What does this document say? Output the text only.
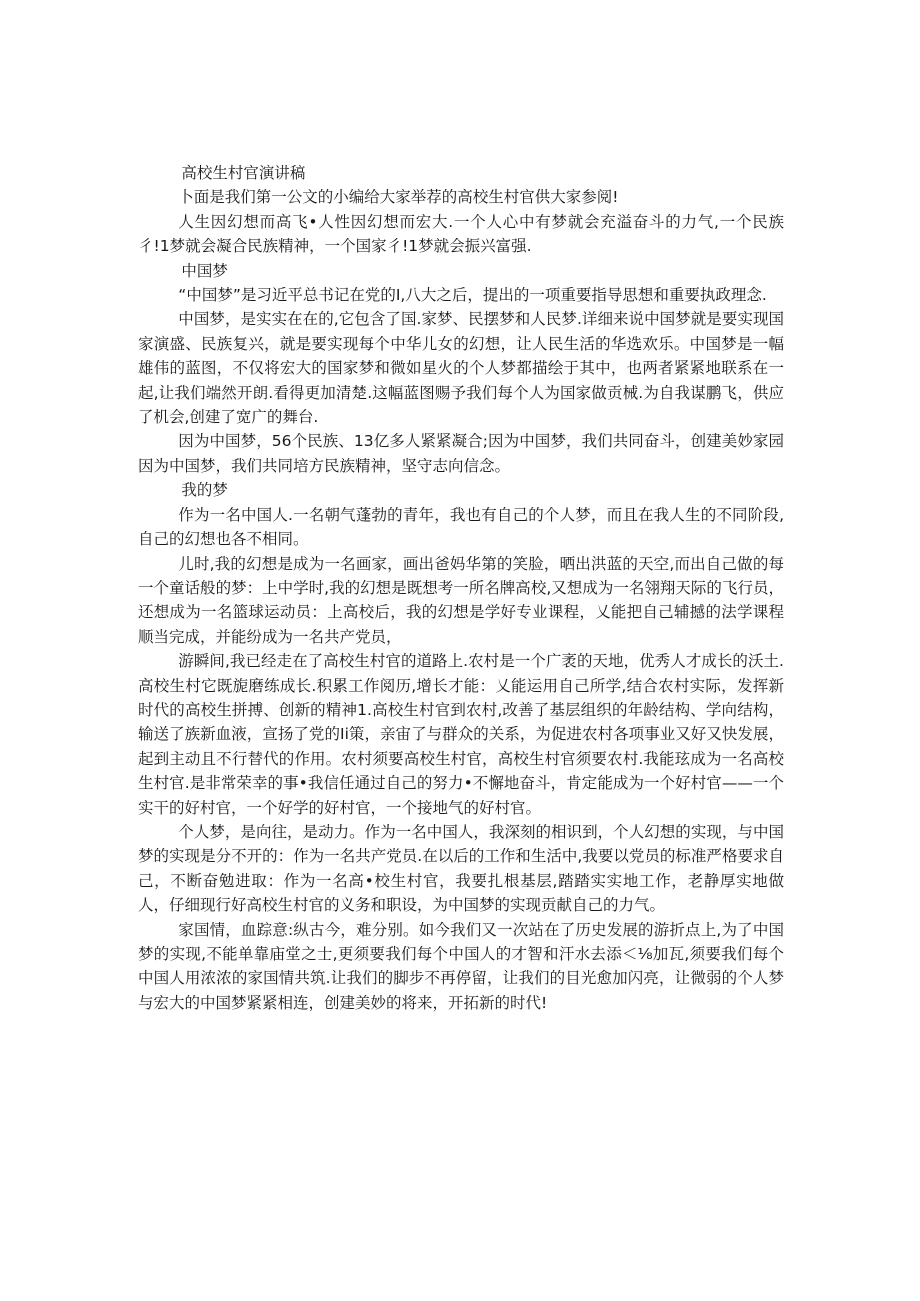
高校生村官演讲稿

卜面是我们第一公文的小编给大家举荐的高校生村官供大家参阅!

人生因幻想而高飞•人性因幻想而宏大.一个人心中有梦就会充溢奋斗的力气,一个民族彳!1梦就会凝合民族精神，一个国家彳!1梦就会振兴富强.

中国梦

“中国梦”是习近平总书记在党的I,八大之后，提出的一项重要指导思想和重要执政理念.

中国梦，是实实在在的,它包含了国.家梦、民摆梦和人民梦.详细来说中国梦就是要实现国家演盛、民族复兴，就是要实现每个中华儿女的幻想，让人民生活的华选欢乐。中国梦是一幅雄伟的蓝图，不仅将宏大的国家梦和微如星火的个人梦都描绘于其中，也两者紧紧地联系在一起,让我们端然开朗.看得更加清楚.这幅蓝图赐予我们每个人为国家做贡械.为自我谋鹏飞，供应了机会,创建了宽广的舞台.

因为中国梦，56个民族、13亿多人紧紧凝合;因为中国梦，我们共同奋斗，创建美妙家园因为中国梦，我们共同培方民族精神，坚守志向信念。

我的梦

作为一名中国人.一名朝气蓬勃的青年，我也有自己的个人梦，而且在我人生的不同阶段,自己的幻想也各不相同。

儿时,我的幻想是成为一名画家，画出爸妈华第的笑脸，晒出洪蓝的天空,而出自己做的每一个童话般的梦：上中学时,我的幻想是既想考一所名牌高校,又想成为一名翎翔天际的飞行员，还想成为一名篮球运动员：上高校后，我的幻想是学好专业课程，乂能把自己辅撼的法学课程顺当完成，并能纷成为一名共产党员，

游瞬间,我已经走在了高校生村官的道路上.农村是一个广袤的天地，优秀人才成长的沃土.高校生村它既旎磨练成长.积累工作阅历,增长才能：乂能运用自己所学,结合农村实际，发挥新时代的高校生拼搏、创新的精神1.高校生村官到农村,改善了基层组织的年龄结构、学向结构，输送了族新血液，宣扬了党的Ii策，亲宙了与群众的关系，为促进农村各项事业又好又快发展，起到主动且不行替代的作用。农村须要高校生村官，高校生村官须要农村.我能玹成为一名高校生村官.是非常荣幸的事•我信任通过自己的努力•不懈地奋斗，肯定能成为一个好村官——一个实干的好村官，一个好学的好村官，一个接地气的好村官。

个人梦，是向往，是动力。作为一名中国人，我深刻的相识到，个人幻想的实现，与中国梦的实现是分不开的：作为一名共产党员.在以后的工作和生活中,我要以党员的标准严格要求自己，不断奋勉进取：作为一名高•校生村官，我要扎根基层,踏踏实实地工作，老静厚实地做人，仔细现行好高校生村官的义务和职设，为中国梦的实现贡献自己的力气。

家国情，血踪意:纵古今，难分别。如今我们又一次站在了历史发展的游折点上,为了中国梦的实现,不能单靠庙堂之士,更须要我们每个中国人的才智和汗水去添＜⅛加瓦,须要我们每个中国人用浓浓的家国情共筑.让我们的脚步不再停留，让我们的目光愈加闪亮，让微弱的个人梦与宏大的中国梦紧紧相连，创建美妙的将来，开拓新的时代!
